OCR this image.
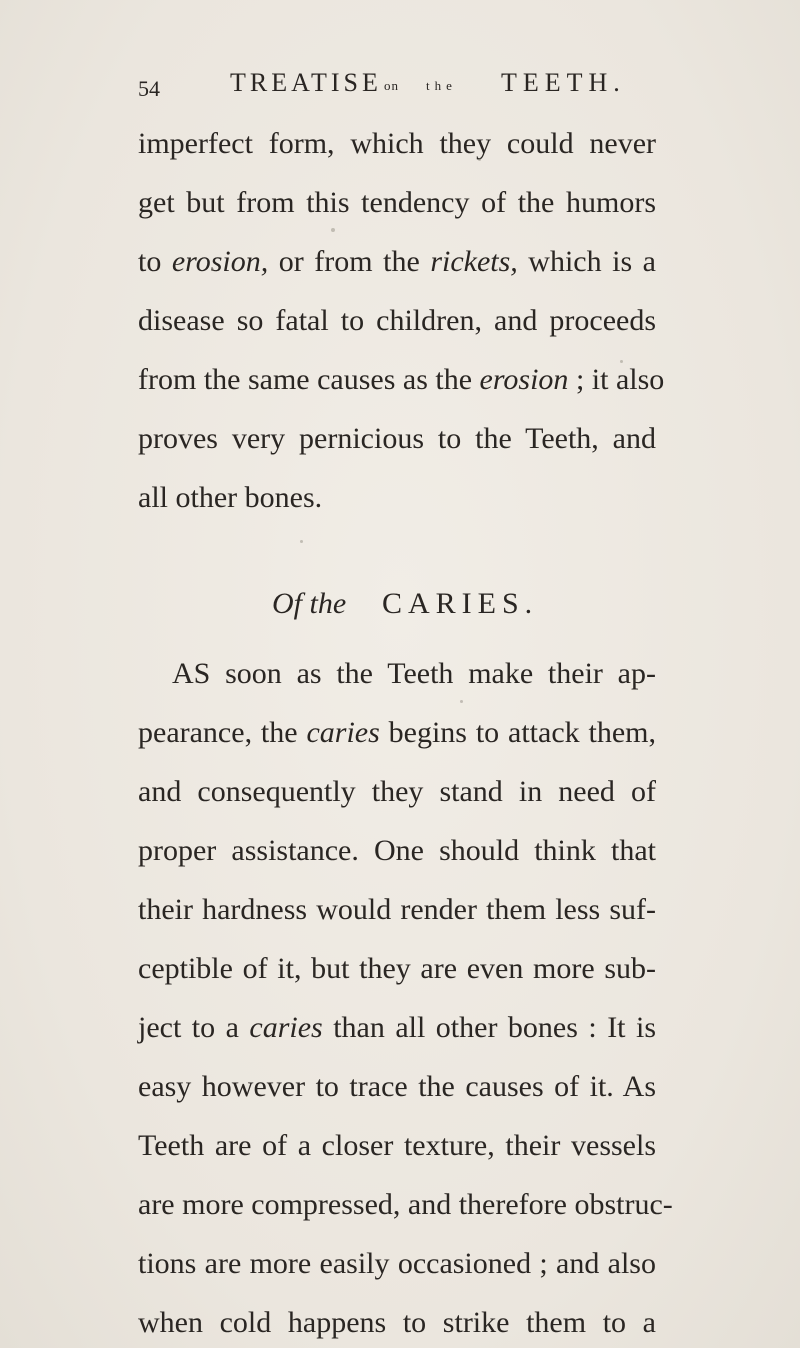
54	TREATISE on the TEETH.
imperfect form, which they could never
get but from this tendency of the humors
to erosion, or from the rickets, which is a
disease so fatal to children, and proceeds
from the same causes as the erosion ; it also
proves very pernicious to the Teeth, and
all other bones.
Of the CARIES.
AS soon as the Teeth make their ap-
pearance, the caries begins to attack them,
and consequently they stand in need of
proper assistance. One should think that
their hardness would render them less suf-
ceptible of it, but they are even more sub-
ject to a caries than all other bones : It is
easy however to trace the causes of it. As
Teeth are of a closer texture, their vessels
are more compressed, and therefore obstruc-
tions are more easily occasioned ; and also
when cold happens to strike them to a
